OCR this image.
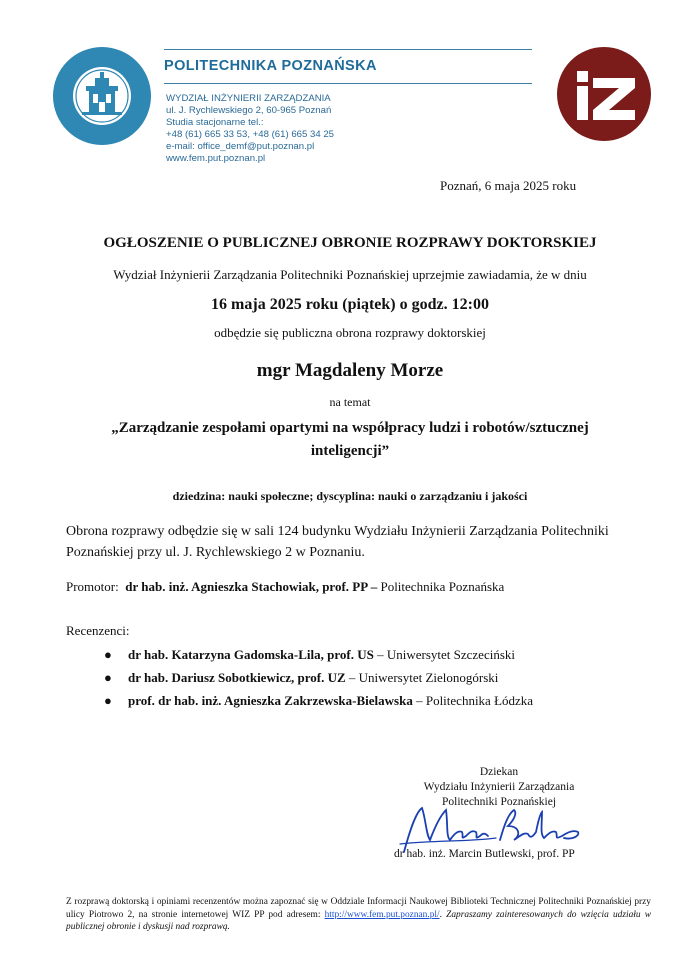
POLITECHNIKA POZNAŃSKA
WYDZIAŁ INŻYNIERII ZARZĄDZANIA
ul. J. Rychlewskiego 2, 60-965 Poznań
Studia stacjonarne tel.:
+48 (61) 665 33 53, +48 (61) 665 34 25
e-mail: office_demf@put.poznan.pl
www.fem.put.poznan.pl
Poznań, 6 maja 2025 roku
OGŁOSZENIE O PUBLICZNEJ OBRONIE ROZPRAWY DOKTORSKIEJ
Wydział Inżynierii Zarządzania Politechniki Poznańskiej uprzejmie zawiadamia, że w dniu
16 maja 2025 roku (piątek) o godz. 12:00
odbędzie się publiczna obrona rozprawy doktorskiej
mgr Magdaleny Morze
na temat
„Zarządzanie zespołami opartymi na współpracy ludzi i robotów/sztucznej
inteligencji”
dziedzina: nauki społeczne; dyscyplina: nauki o zarządzaniu i jakości
Obrona rozprawy odbędzie się w sali 124 budynku Wydziału Inżynierii Zarządzania Politechniki Poznańskiej przy ul. J. Rychlewskiego 2 w Poznaniu.
Promotor: dr hab. inż. Agnieszka Stachowiak, prof. PP – Politechnika Poznańska
Recenzenci:
● dr hab. Katarzyna Gadomska-Lila, prof. US – Uniwersytet Szczeciński
● dr hab. Dariusz Sobotkiewicz, prof. UZ – Uniwersytet Zielonogórski
● prof. dr hab. inż. Agnieszka Zakrzewska-Bielawska – Politechnika Łódzka
Dziekan
Wydziału Inżynierii Zarządzania
Politechniki Poznańskiej
dr hab. inż. Marcin Butlewski, prof. PP
Z rozprawą doktorską i opiniami recenzentów można zapoznać się w Oddziale Informacji Naukowej Biblioteki Technicznej Politechniki Poznańskiej przy ulicy Piotrowo 2, na stronie internetowej WIZ PP pod adresem: http://www.fem.put.poznan.pl/. Zapraszamy zainteresowanych do wzięcia udziału w publicznej obronie i dyskusji nad rozprawą.
